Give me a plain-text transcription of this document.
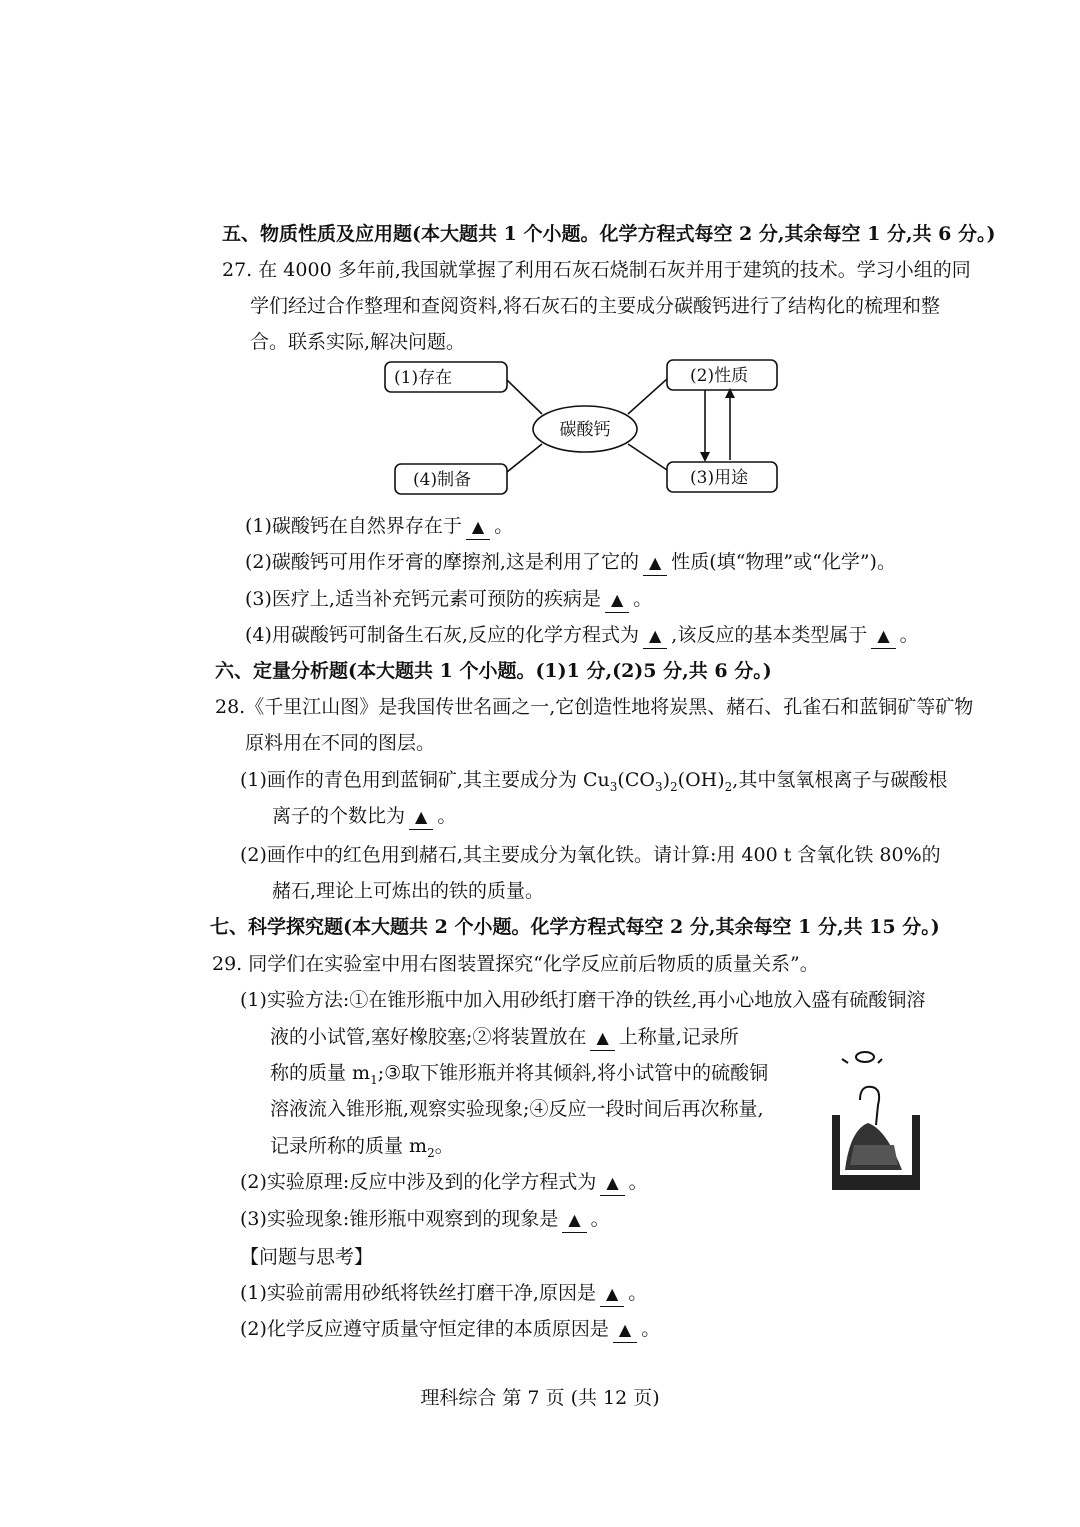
五、物质性质及应用题(本大题共 1 个小题。化学方程式每空 2 分,其余每空 1 分,共 6 分。)
27. 在 4000 多年前,我国就掌握了利用石灰石烧制石灰并用于建筑的技术。学习小组的同
学们经过合作整理和查阅资料,将石灰石的主要成分碳酸钙进行了结构化的梳理和整
合。联系实际,解决问题。
(1)存在	(2)性质
(3)用途
(4)制备
碳酸钙
(1)碳酸钙在自然界存在于 ▲ 。
(2)碳酸钙可用作牙膏的摩擦剂,这是利用了它的 ▲ 性质(填“物理”或“化学”)。
(3)医疗上,适当补充钙元素可预防的疾病是 ▲ 。
(4)用碳酸钙可制备生石灰,反应的化学方程式为 ▲ ,该反应的基本类型属于 ▲ 。
六、定量分析题(本大题共 1 个小题。(1)1 分,(2)5 分,共 6 分。)
28.《千里江山图》是我国传世名画之一,它创造性地将炭黑、赭石、孔雀石和蓝铜矿等矿物
原料用在不同的图层。
(1)画作的青色用到蓝铜矿,其主要成分为 $Cu_3(CO_3)_2(OH)_2$,其中氢氧根离子与碳酸根
离子的个数比为 ▲ 。
(2)画作中的红色用到赭石,其主要成分为氧化铁。请计算:用 400 t 含氧化铁 80%的
赭石,理论上可炼出的铁的质量。
七、科学探究题(本大题共 2 个小题。化学方程式每空 2 分,其余每空 1 分,共 15 分。)
29. 同学们在实验室中用右图装置探究“化学反应前后物质的质量关系”。
(1)实验方法:①在锥形瓶中加入用砂纸打磨干净的铁丝,再小心地放入盛有硫酸铜溶
液的小试管,塞好橡胶塞;②将装置放在 ▲ 上称量,记录所
称的质量 $m_1;③$取下锥形瓶并将其倾斜,将小试管中的硫酸铜
溶液流入锥形瓶,观察实验现象;④反应一段时间后再次称量,
记录所称的质量 $m_2$。
(2)实验原理:反应中涉及到的化学方程式为 ▲ 。
(3)实验现象:锥形瓶中观察到的现象是 ▲ 。
【问题与思考】
(1)实验前需用砂纸将铁丝打磨干净,原因是 ▲ 。
(2)化学反应遵守质量守恒定律的本质原因是 ▲ 。
理科综合 第 7 页 (共 12 页)
